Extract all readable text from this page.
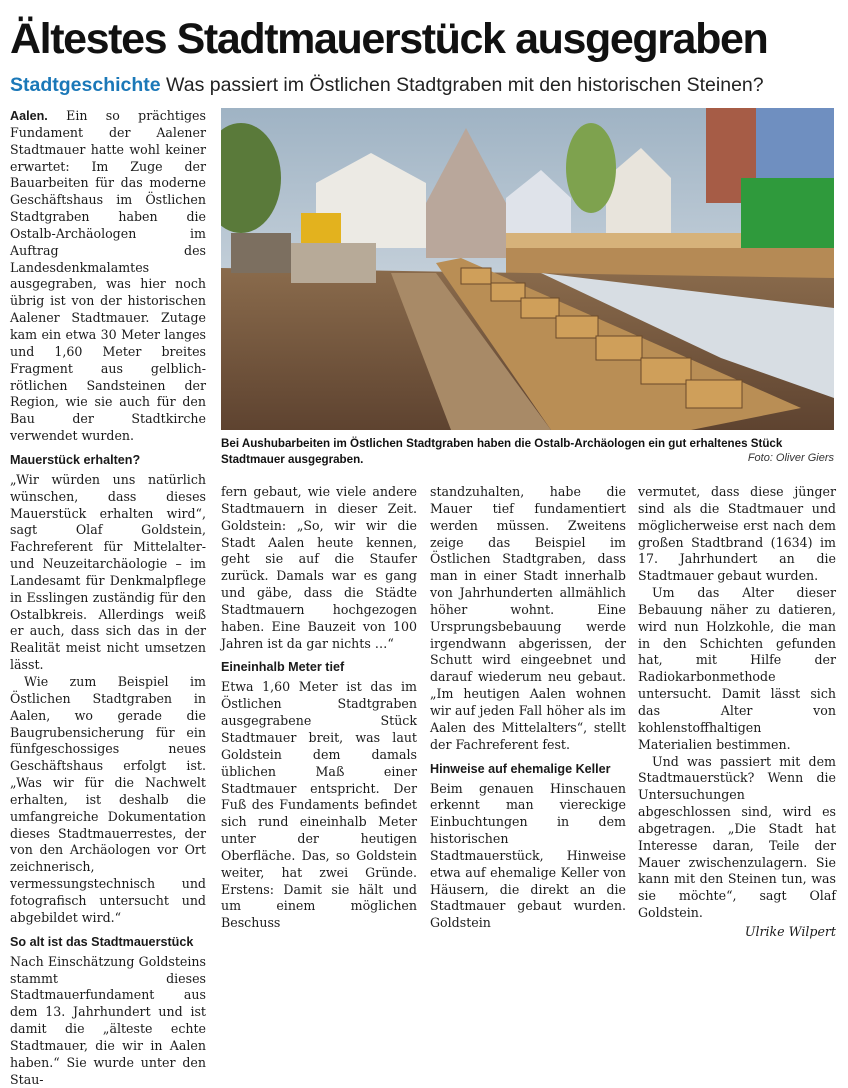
Ältestes Stadtmauerstück ausgegraben
Stadtgeschichte Was passiert im Östlichen Stadtgraben mit den historischen Steinen?

Aalen. Ein so prächtiges Fundament der Aalener Stadtmauer hatte wohl keiner erwartet: Im Zuge der Bauarbeiten für das moderne Geschäftshaus im Östlichen Stadtgraben haben die Ostalb-Archäologen im Auftrag des Landesdenkmalamtes ausgegraben, was hier noch übrig ist von der historischen Aalener Stadtmauer. Zutage kam ein etwa 30 Meter langes und 1,60 Meter breites Fragment aus gelblich-rötlichen Sandsteinen der Region, wie sie auch für den Bau der Stadtkirche verwendet wurden.

Mauerstück erhalten?

„Wir würden uns natürlich wünschen, dass dieses Mauerstück erhalten wird“, sagt Olaf Goldstein, Fachreferent für Mittelalter- und Neuzeitarchäologie – im Landesamt für Denkmalpflege in Esslingen zuständig für den Ostalbkreis. Allerdings weiß er auch, dass sich das in der Realität meist nicht umsetzen lässt.

Wie zum Beispiel im Östlichen Stadtgraben in Aalen, wo gerade die Baugrubensicherung für ein fünfgeschossiges neues Geschäftshaus erfolgt ist. „Was wir für die Nachwelt erhalten, ist deshalb die umfangreiche Dokumentation dieses Stadtmauerrestes, der von den Archäologen vor Ort zeichnerisch, vermessungstechnisch und fotografisch untersucht und abgebildet wird.“

So alt ist das Stadtmauerstück

Nach Einschätzung Goldsteins stammt dieses Stadtmauerfundament aus dem 13. Jahrhundert und ist damit die „älteste echte Stadtmauer, die wir in Aalen haben.“ Sie wurde unter den Stau-

Bei Aushubarbeiten im Östlichen Stadtgraben haben die Ostalb-Archäologen ein gut erhaltenes Stück Stadtmauer ausgegraben.	Foto: Oliver Giers

fern gebaut, wie viele andere Stadtmauern in dieser Zeit. Goldstein: „So, wir wir die Stadt Aalen heute kennen, geht sie auf die Staufer zurück. Damals war es gang und gäbe, dass die Städte Stadtmauern hochgezogen haben. Eine Bauzeit von 100 Jahren ist da gar nichts …“

Eineinhalb Meter tief

Etwa 1,60 Meter ist das im Östlichen Stadtgraben ausgegrabene Stück Stadtmauer breit, was laut Goldstein dem damals üblichen Maß einer Stadtmauer entspricht. Der Fuß des Fundaments befindet sich rund eineinhalb Meter unter der heutigen Oberfläche. Das, so Goldstein weiter, hat zwei Gründe. Erstens: Damit sie hält und um einem möglichen Beschuss

standzuhalten, habe die Mauer tief fundamentiert werden müssen. Zweitens zeige das Beispiel im Östlichen Stadtgraben, dass man in einer Stadt innerhalb von Jahrhunderten allmählich höher wohnt. Eine Ursprungsbebauung werde irgendwann abgerissen, der Schutt wird eingeebnet und darauf wiederum neu gebaut. „Im heutigen Aalen wohnen wir auf jeden Fall höher als im Aalen des Mittelalters“, stellt der Fachreferent fest.

Hinweise auf ehemalige Keller

Beim genauen Hinschauen erkennt man viereckige Einbuchtungen in dem historischen Stadtmauerstück, Hinweise etwa auf ehemalige Keller von Häusern, die direkt an die Stadtmauer gebaut wurden. Goldstein

vermutet, dass diese jünger sind als die Stadtmauer und möglicherweise erst nach dem großen Stadtbrand (1634) im 17. Jahrhundert an die Stadtmauer gebaut wurden.

Um das Alter dieser Bebauung näher zu datieren, wird nun Holzkohle, die man in den Schichten gefunden hat, mit Hilfe der Radiokarbonmethode untersucht. Damit lässt sich das Alter von kohlenstoffhaltigen Materialien bestimmen.

Und was passiert mit dem Stadtmauerstück? Wenn die Untersuchungen abgeschlossen sind, wird es abgetragen. „Die Stadt hat Interesse daran, Teile der Mauer zwischenzulagern. Sie kann mit den Steinen tun, was sie möchte“, sagt Olaf Goldstein.

Ulrike Wilpert
